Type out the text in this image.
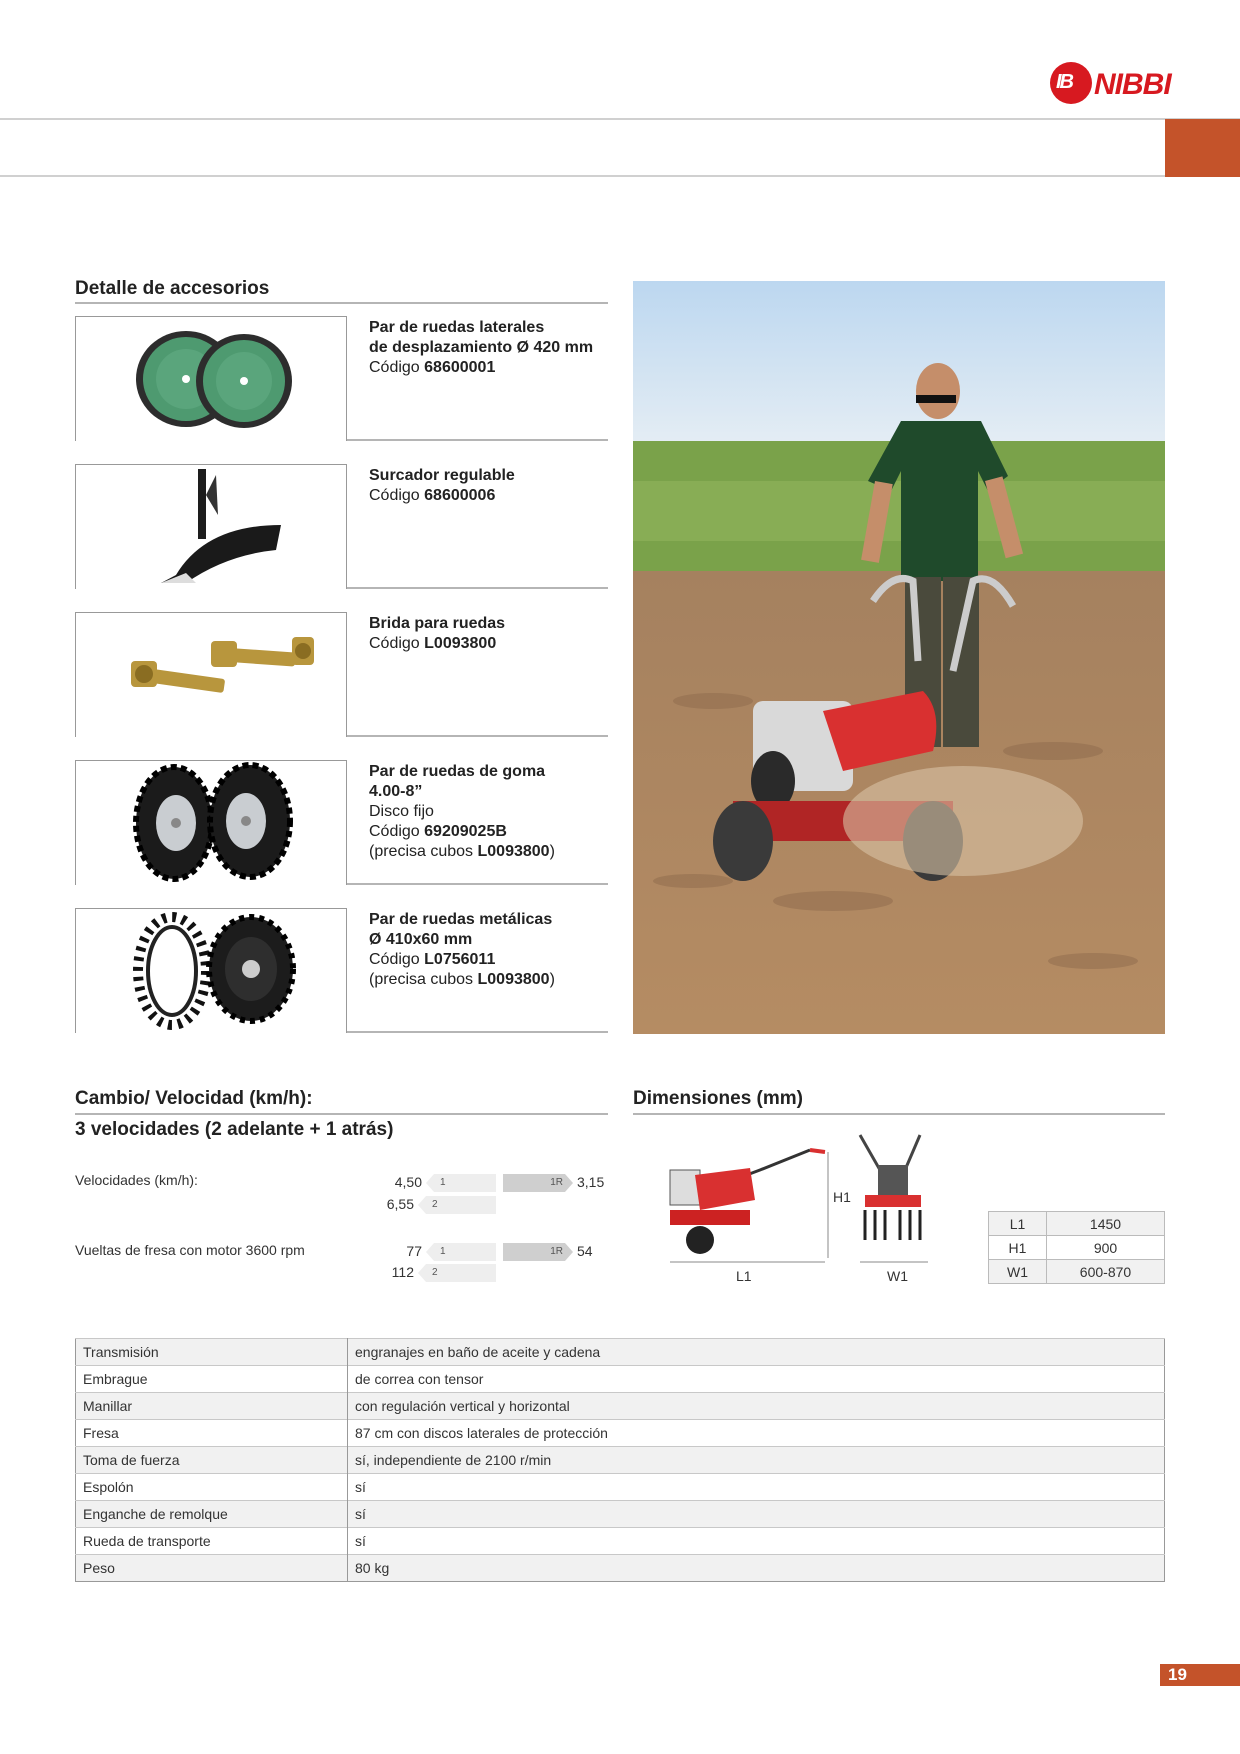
IB NIBBI
Detalle de accesorios
Par de ruedas laterales
de desplazamiento Ø 420 mm
Código 68600001
Surcador regulable
Código 68600006
Brida para ruedas
Código L0093800
Par de ruedas de goma
4.00-8”
Disco fijo
Código 69209025B
(precisa cubos L0093800)
Par de ruedas metálicas
Ø 410x60 mm
Código L0756011
(precisa cubos L0093800)
Cambio/ Velocidad (km/h):
3 velocidades (2 adelante + 1 atrás)
Velocidades (km/h):	4,50 1
6,55 2
1R 3,15
Vueltas de fresa con motor 3600 rpm	77 1
112 2
1R 54
Dimensiones (mm)
L1
H1
W1
L1	1450
H1	900
W1	600-870
Transmisión	engranajes en baño de aceite y cadena
Embrague	de correa con tensor
Manillar	con regulación vertical y horizontal
Fresa	87 cm con discos laterales de protección
Toma de fuerza	sí, independiente de 2100 r/min
Espolón	sí
Enganche de remolque	sí
Rueda de transporte	sí
Peso	80 kg
19
